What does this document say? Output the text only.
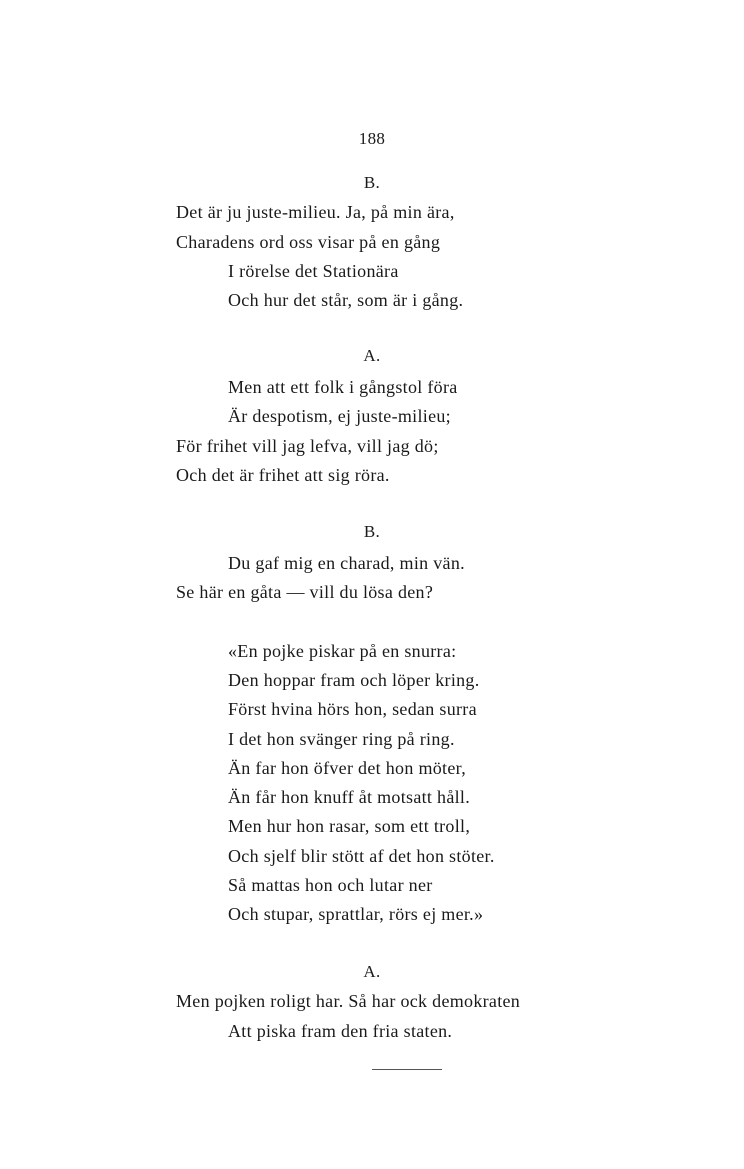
188
B.
Det är ju juste-milieu. Ja, på min ära,
Charadens ord oss visar på en gång
I rörelse det Stationära
Och hur det står, som är i gång.
A.
Men att ett folk i gångstol föra
Är despotism, ej juste-milieu;
För frihet vill jag lefva, vill jag dö;
Och det är frihet att sig röra.
B.
Du gaf mig en charad, min vän.
Se här en gåta — vill du lösa den?
«En pojke piskar på en snurra:
Den hoppar fram och löper kring.
Först hvina hörs hon, sedan surra
I det hon svänger ring på ring.
Än far hon öfver det hon möter,
Än får hon knuff åt motsatt håll.
Men hur hon rasar, som ett troll,
Och sjelf blir stött af det hon stöter.
Så mattas hon och lutar ner
Och stupar, sprattlar, rörs ej mer.»
A.
Men pojken roligt har. Så har ock demokraten
Att piska fram den fria staten.
